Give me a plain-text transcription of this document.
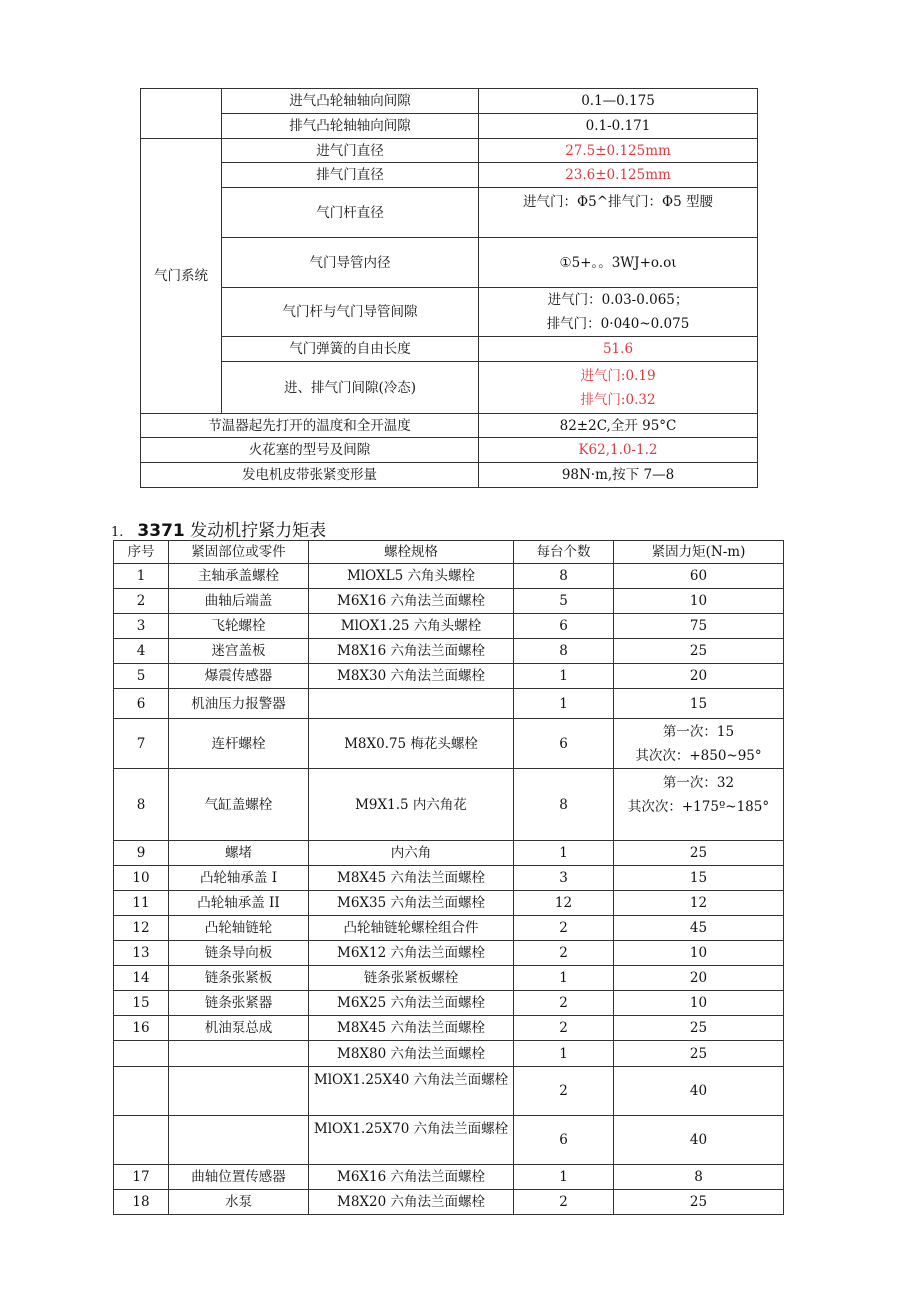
	进气凸轮轴轴向间隙	0.1—0.175
	排气凸轮轴轴向间隙	0.1-0.171
气门系统	进气门直径	27.5±0.125mm
	排气门直径	23.6±0.125mm
	气门杆直径	进气门：Φ5^排气门：Φ5 型腰
	气门导管内径	①5+。。3WJ+o.oι
	气门杆与气门导管间隙	进气门：0.03-0.065；
排气门：0·040~0.075

	气门弹簧的自由长度	51.6
	进、排气门间隙(冷态)	进气门:0.19
排气门:0.32

节温器起先打开的温度和全开温度		82±2C,全开 95°C
火花塞的型号及间隙		K62,1.0-1.2
发电机皮带张紧变形量		98N·m,按下 7—8
1. 3371 发动机拧紧力矩表
序号	紧固部位或零件	螺栓规格	每台个数	紧固力矩(N-m)
1	主轴承盖螺栓	MlOXL5 六角头螺栓	8	60
2	曲轴后端盖	M6X16 六角法兰面螺栓	5	10
3	飞轮螺栓	MlOX1.25 六角头螺栓	6	75
4	迷宫盖板	M8X16 六角法兰面螺栓	8	25
5	爆震传感器	M8X30 六角法兰面螺栓	1	20
6	机油压力报警器		1	15
7	连杆螺栓	M8X0.75 梅花头螺栓	6	第一次：15
其次次：+850~95°

8	气缸盖螺栓	M9X1.5 内六角花	8	第一次：32
其次次：+175º~185°

9	螺堵	内六角	1	25
10	凸轮轴承盖 I	M8X45 六角法兰面螺栓	3	15
11	凸轮轴承盖 II	M6X35 六角法兰面螺栓	12	12
12	凸轮轴链轮	凸轮轴链轮螺栓组合件	2	45
13	链条导向板	M6X12 六角法兰面螺栓	2	10
14	链条张紧板	链条张紧板螺栓	1	20
15	链条张紧器	M6X25 六角法兰面螺栓	2	10
16	机油泵总成	M8X45 六角法兰面螺栓	2	25
		M8X80 六角法兰面螺栓	1	25
		MlOX1.25X40 六角法兰面螺栓	2	40
		MlOX1.25X70 六角法兰面螺栓	6	40
17	曲轴位置传感器	M6X16 六角法兰面螺栓	1	8
18	水泵	M8X20 六角法兰面螺栓	2	25
